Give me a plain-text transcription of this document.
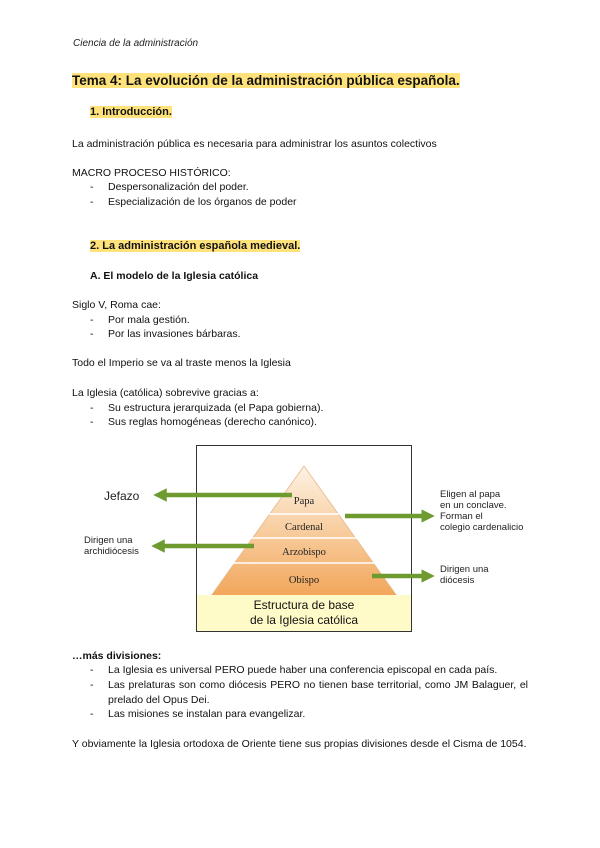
Ciencia de la administración
Tema 4: La evolución de la administración pública española.
1. Introducción.
La administración pública es necesaria para administrar los asuntos colectivos
MACRO PROCESO HISTÓRICO:
- Despersonalización del poder.
- Especialización de los órganos de poder
2. La administración española medieval.
A. El modelo de la Iglesia católica
Siglo V, Roma cae:
- Por mala gestión.
- Por las invasiones bárbaras.
Todo el Imperio se va al traste menos la Iglesia
La Iglesia (católica) sobrevive gracias a:
- Su estructura jerarquizada (el Papa gobierna).
- Sus reglas homogéneas (derecho canónico).
Papa
Cardenal
Arzobispo
Obispo
Estructura de base
de la Iglesia católica
Jefazo
Dirigen una
archidiócesis
Eligen al papa
en un conclave.
Forman el
colegio cardenalicio
Dirigen una
diócesis
…más divisiones:
- La Iglesia es universal PERO puede haber una conferencia episcopal en cada país.
- Las prelaturas son como diócesis PERO no tienen base territorial, como JM Balaguer, el prelado del Opus Dei.
- Las misiones se instalan para evangelizar.
Y obviamente la Iglesia ortodoxa de Oriente tiene sus propias divisiones desde el Cisma de 1054.
